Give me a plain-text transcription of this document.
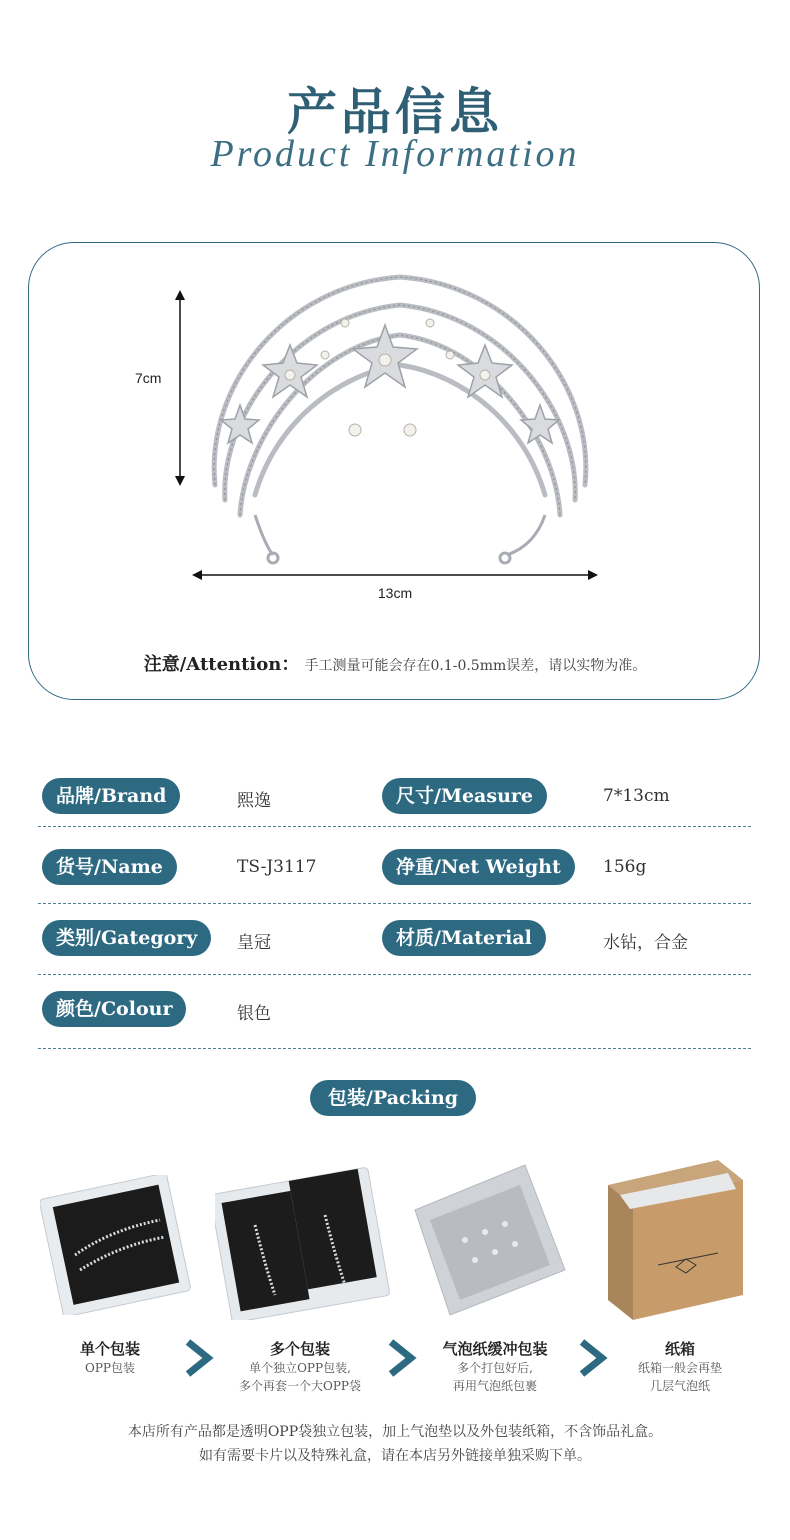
产品信息
Product Information
7cm
13cm
注意/Attention： 手工测量可能会存在0.1-0.5mm误差，请以实物为准。
品牌/Brand	熙逸	尺寸/Measure	7*13cm
货号/Name	TS-J3117	净重/Net Weight	156g
类别/Gategory	皇冠	材质/Material	水钻，合金
颜色/Colour	银色
包装/Packing
单个包装
OPP包装
多个包装
单个独立OPP包装,
多个再套一个大OPP袋
气泡纸缓冲包装
多个打包好后,
再用气泡纸包裹
纸箱
纸箱一般会再垫
几层气泡纸
本店所有产品都是透明OPP袋独立包装，加上气泡垫以及外包装纸箱，不含饰品礼盒。
如有需要卡片以及特殊礼盒，请在本店另外链接单独采购下单。
